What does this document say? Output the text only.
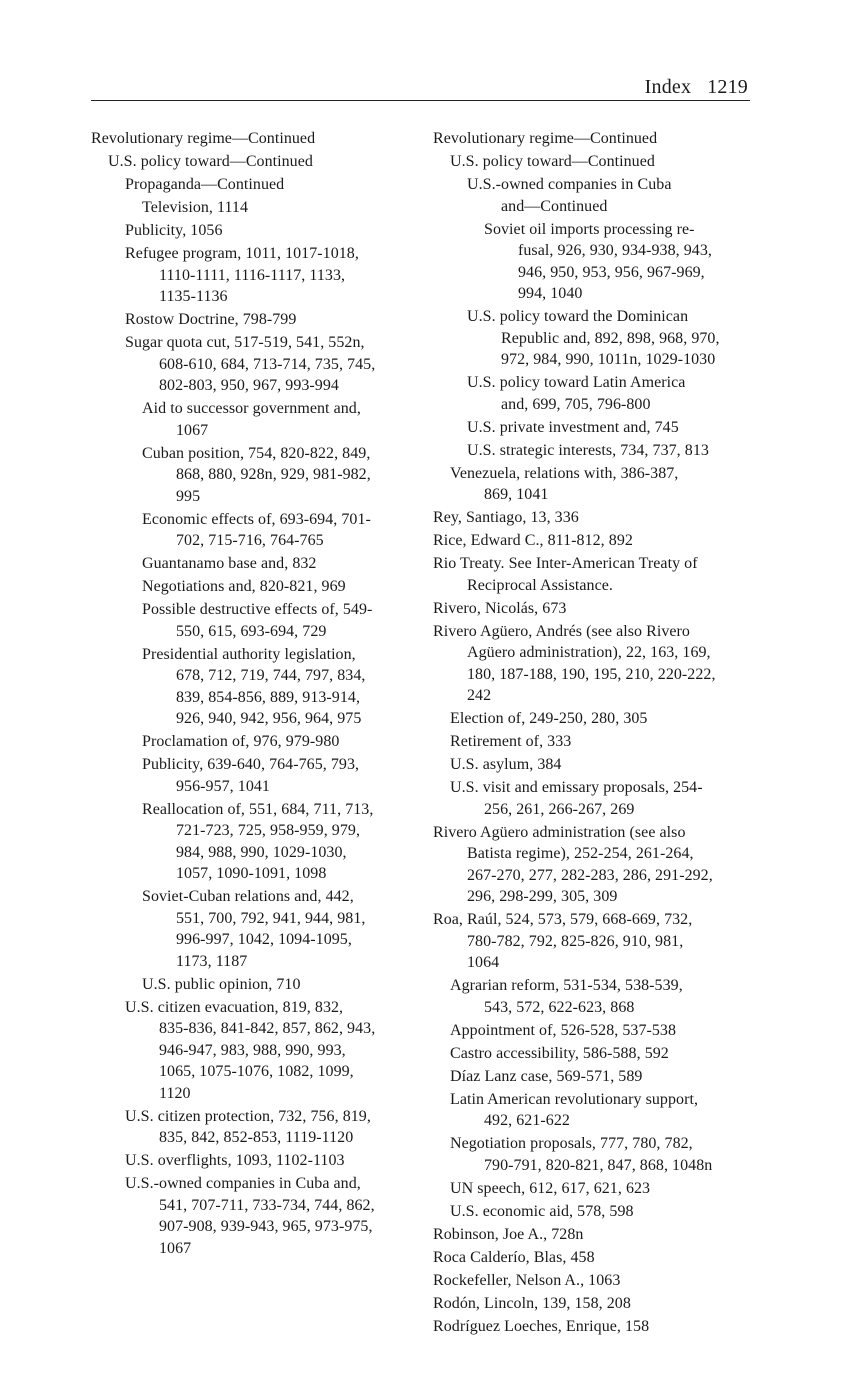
Index 1219
Revolutionary regime—Continued
U.S. policy toward—Continued
Propaganda—Continued
Television, 1114
Publicity, 1056
Refugee program, 1011, 1017-1018,
1110-1111, 1116-1117, 1133,
1135-1136
Rostow Doctrine, 798-799
Sugar quota cut, 517-519, 541, 552n,
608-610, 684, 713-714, 735, 745,
802-803, 950, 967, 993-994
Aid to successor government and,
1067
Cuban position, 754, 820-822, 849,
868, 880, 928n, 929, 981-982,
995
Economic effects of, 693-694, 701-
702, 715-716, 764-765
Guantanamo base and, 832
Negotiations and, 820-821, 969
Possible destructive effects of, 549-
550, 615, 693-694, 729
Presidential authority legislation,
678, 712, 719, 744, 797, 834,
839, 854-856, 889, 913-914,
926, 940, 942, 956, 964, 975
Proclamation of, 976, 979-980
Publicity, 639-640, 764-765, 793,
956-957, 1041
Reallocation of, 551, 684, 711, 713,
721-723, 725, 958-959, 979,
984, 988, 990, 1029-1030,
1057, 1090-1091, 1098
Soviet-Cuban relations and, 442,
551, 700, 792, 941, 944, 981,
996-997, 1042, 1094-1095,
1173, 1187
U.S. public opinion, 710
U.S. citizen evacuation, 819, 832,
835-836, 841-842, 857, 862, 943,
946-947, 983, 988, 990, 993,
1065, 1075-1076, 1082, 1099,
1120
U.S. citizen protection, 732, 756, 819,
835, 842, 852-853, 1119-1120
U.S. overflights, 1093, 1102-1103
U.S.-owned companies in Cuba and,
541, 707-711, 733-734, 744, 862,
907-908, 939-943, 965, 973-975,
1067
Revolutionary regime—Continued
U.S. policy toward—Continued
U.S.-owned companies in Cuba
and—Continued
Soviet oil imports processing re-
fusal, 926, 930, 934-938, 943,
946, 950, 953, 956, 967-969,
994, 1040
U.S. policy toward the Dominican
Republic and, 892, 898, 968, 970,
972, 984, 990, 1011n, 1029-1030
U.S. policy toward Latin America
and, 699, 705, 796-800
U.S. private investment and, 745
U.S. strategic interests, 734, 737, 813
Venezuela, relations with, 386-387,
869, 1041
Rey, Santiago, 13, 336
Rice, Edward C., 811-812, 892
Rio Treaty. See Inter-American Treaty of
Reciprocal Assistance.
Rivero, Nicolás, 673
Rivero Agüero, Andrés (see also Rivero
Agüero administration), 22, 163, 169,
180, 187-188, 190, 195, 210, 220-222,
242
Election of, 249-250, 280, 305
Retirement of, 333
U.S. asylum, 384
U.S. visit and emissary proposals, 254-
256, 261, 266-267, 269
Rivero Agüero administration (see also
Batista regime), 252-254, 261-264,
267-270, 277, 282-283, 286, 291-292,
296, 298-299, 305, 309
Roa, Raúl, 524, 573, 579, 668-669, 732,
780-782, 792, 825-826, 910, 981,
1064
Agrarian reform, 531-534, 538-539,
543, 572, 622-623, 868
Appointment of, 526-528, 537-538
Castro accessibility, 586-588, 592
Díaz Lanz case, 569-571, 589
Latin American revolutionary support,
492, 621-622
Negotiation proposals, 777, 780, 782,
790-791, 820-821, 847, 868, 1048n
UN speech, 612, 617, 621, 623
U.S. economic aid, 578, 598
Robinson, Joe A., 728n
Roca Calderío, Blas, 458
Rockefeller, Nelson A., 1063
Rodón, Lincoln, 139, 158, 208
Rodríguez Loeches, Enrique, 158
